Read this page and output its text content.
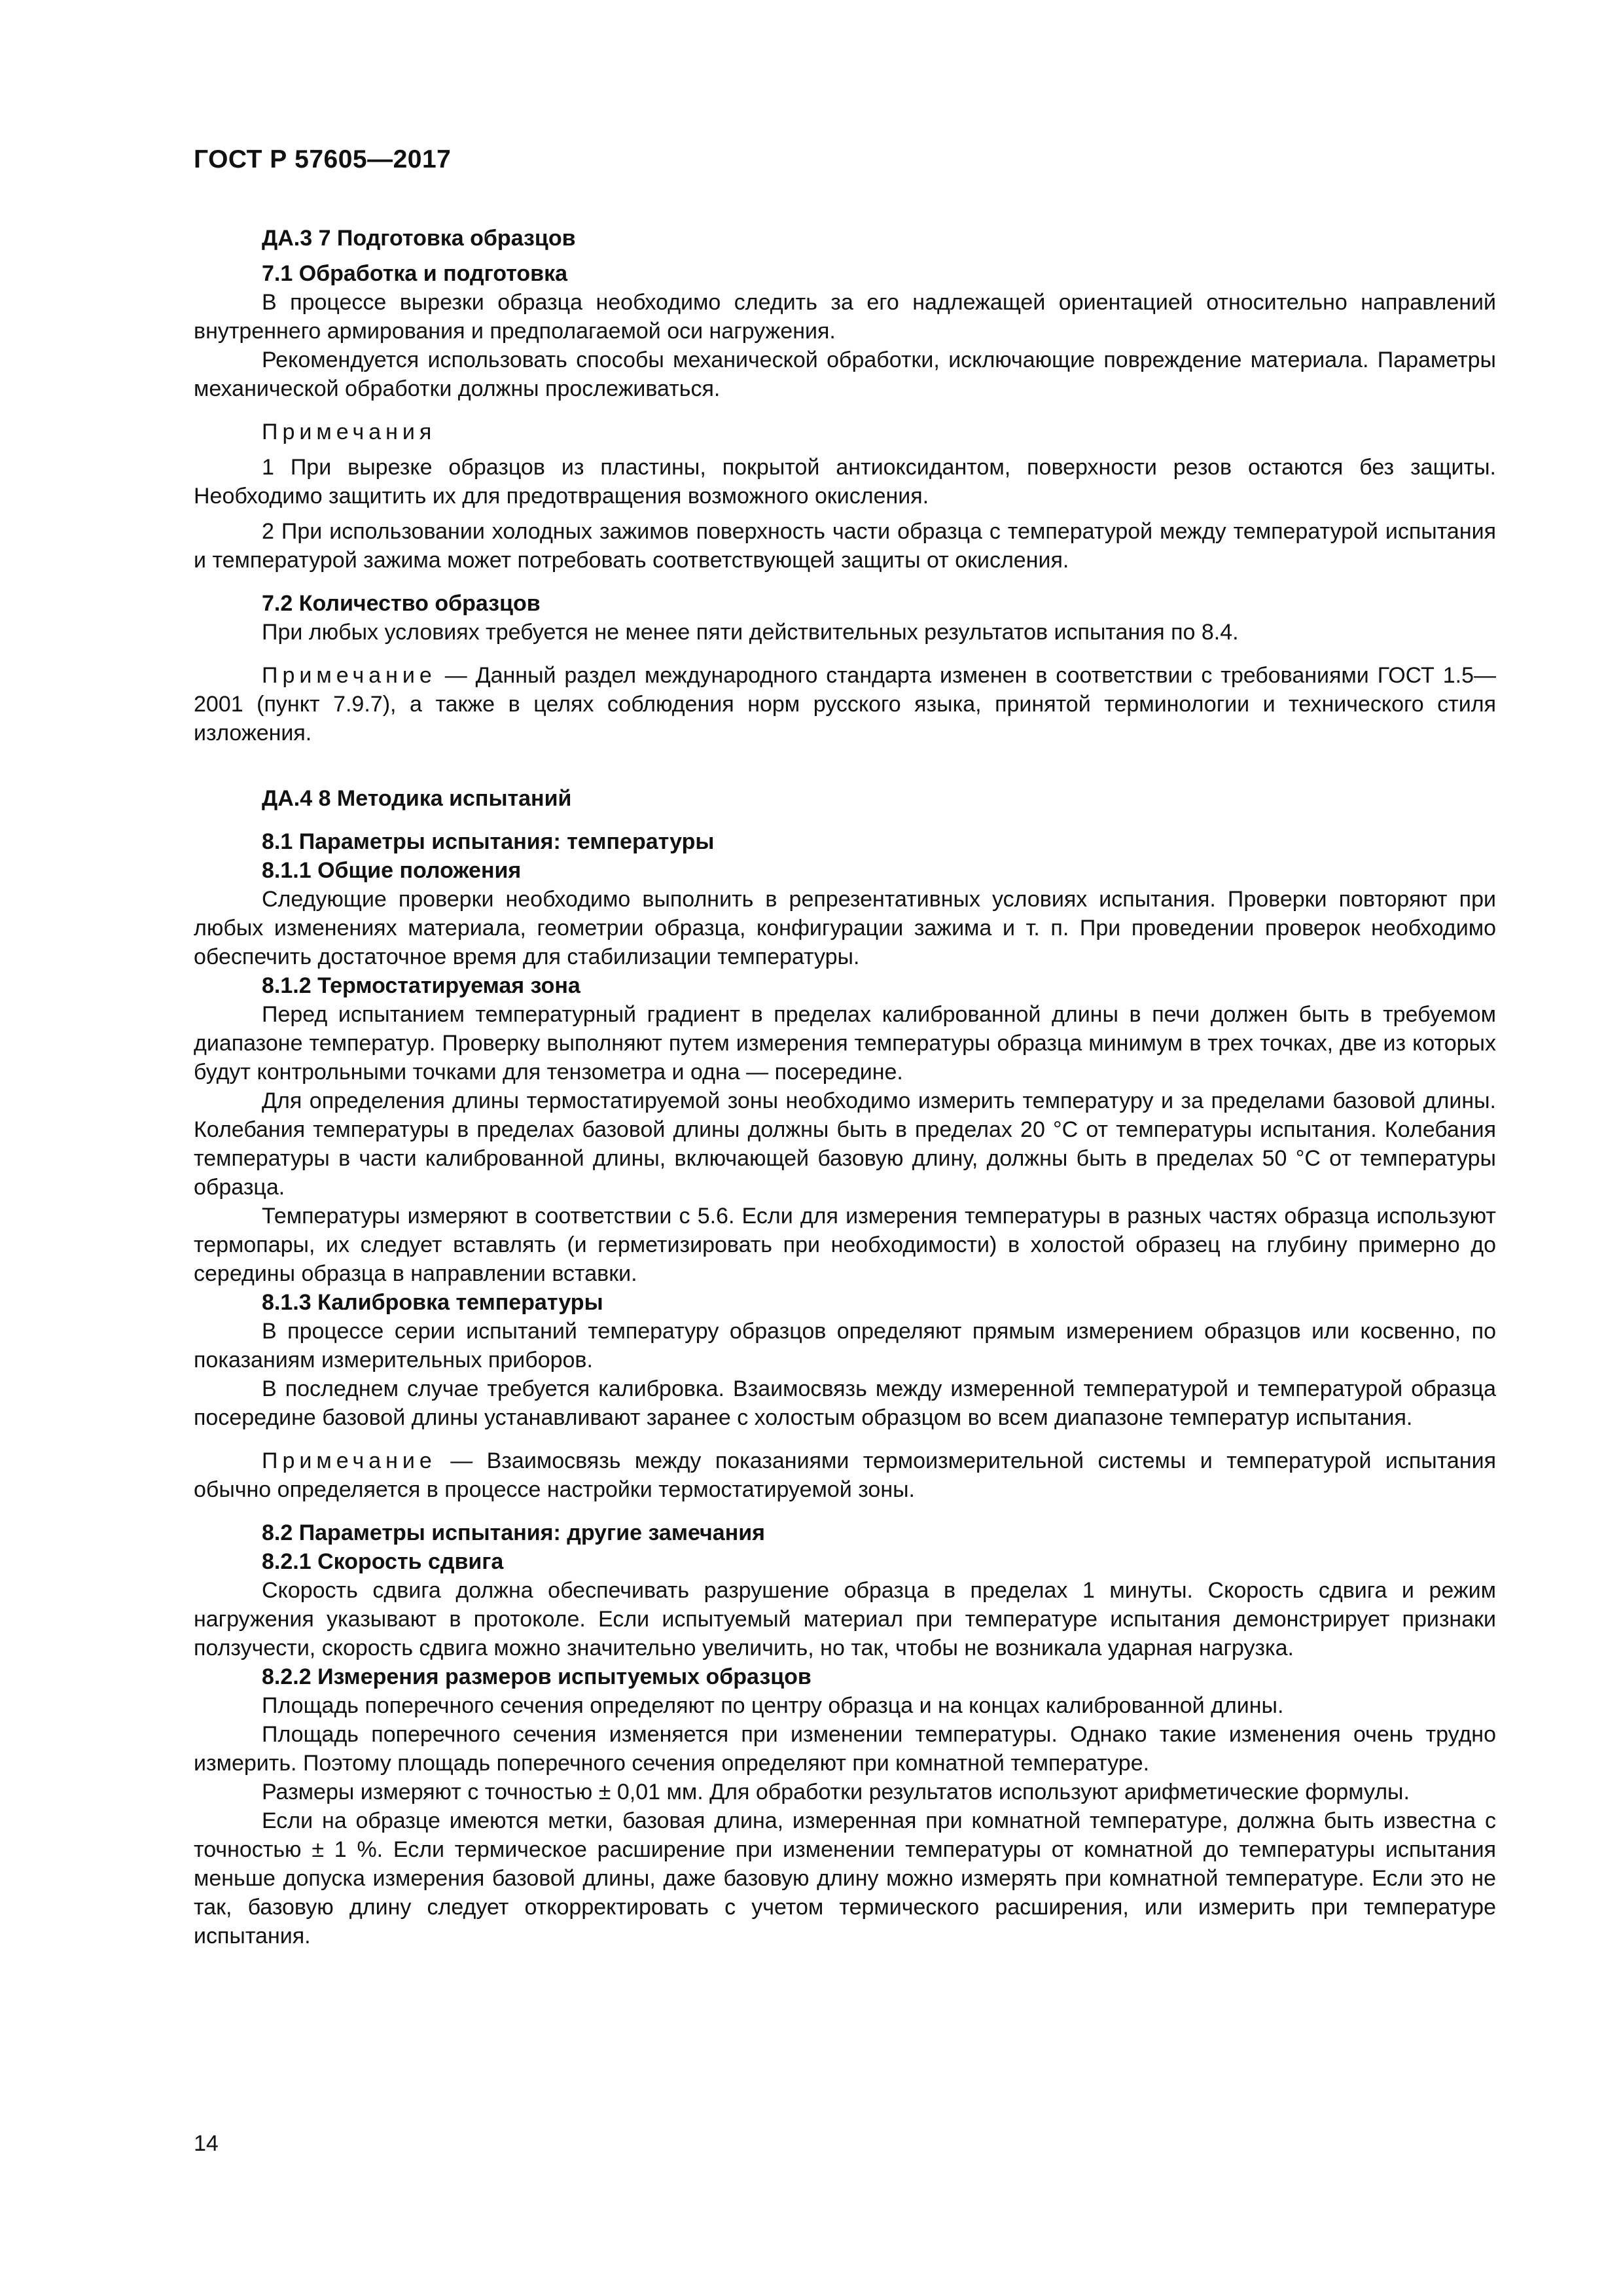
ГОСТ Р 57605—2017

ДА.3 7 Подготовка образцов

7.1 Обработка и подготовка

В процессе вырезки образца необходимо следить за его надлежащей ориентацией относительно направлений внутреннего армирования и предполагаемой оси нагружения.

Рекомендуется использовать способы механической обработки, исключающие повреждение материала. Параметры механической обработки должны прослеживаться.

Примечания

1 При вырезке образцов из пластины, покрытой антиоксидантом, поверхности резов остаются без защиты. Необходимо защитить их для предотвращения возможного окисления.

2 При использовании холодных зажимов поверхность части образца с температурой между температурой испытания и температурой зажима может потребовать соответствующей защиты от окисления.

7.2 Количество образцов

При любых условиях требуется не менее пяти действительных результатов испытания по 8.4.

Примечание — Данный раздел международного стандарта изменен в соответствии с требованиями ГОСТ 1.5—2001 (пункт 7.9.7), а также в целях соблюдения норм русского языка, принятой терминологии и технического стиля изложения.

ДА.4 8 Методика испытаний

8.1 Параметры испытания: температуры

8.1.1 Общие положения

Следующие проверки необходимо выполнить в репрезентативных условиях испытания. Проверки повторяют при любых изменениях материала, геометрии образца, конфигурации зажима и т. п. При проведении проверок необходимо обеспечить достаточное время для стабилизации температуры.

8.1.2 Термостатируемая зона

Перед испытанием температурный градиент в пределах калиброванной длины в печи должен быть в требуемом диапазоне температур. Проверку выполняют путем измерения температуры образца минимум в трех точках, две из которых будут контрольными точками для тензометра и одна — посередине.

Для определения длины термостатируемой зоны необходимо измерить температуру и за пределами базовой длины. Колебания температуры в пределах базовой длины должны быть в пределах 20 °С от температуры испытания. Колебания температуры в части калиброванной длины, включающей базовую длину, должны быть в пределах 50 °С от температуры образца.

Температуры измеряют в соответствии с 5.6. Если для измерения температуры в разных частях образца используют термопары, их следует вставлять (и герметизировать при необходимости) в холостой образец на глубину примерно до середины образца в направлении вставки.

8.1.3 Калибровка температуры

В процессе серии испытаний температуру образцов определяют прямым измерением образцов или косвенно, по показаниям измерительных приборов.

В последнем случае требуется калибровка. Взаимосвязь между измеренной температурой и температурой образца посередине базовой длины устанавливают заранее с холостым образцом во всем диапазоне температур испытания.

Примечание — Взаимосвязь между показаниями термоизмерительной системы и температурой испытания обычно определяется в процессе настройки термостатируемой зоны.

8.2 Параметры испытания: другие замечания

8.2.1 Скорость сдвига

Скорость сдвига должна обеспечивать разрушение образца в пределах 1 минуты. Скорость сдвига и режим нагружения указывают в протоколе. Если испытуемый материал при температуре испытания демонстрирует признаки ползучести, скорость сдвига можно значительно увеличить, но так, чтобы не возникала ударная нагрузка.

8.2.2 Измерения размеров испытуемых образцов

Площадь поперечного сечения определяют по центру образца и на концах калиброванной длины.

Площадь поперечного сечения изменяется при изменении температуры. Однако такие изменения очень трудно измерить. Поэтому площадь поперечного сечения определяют при комнатной температуре.

Размеры измеряют с точностью ± 0,01 мм. Для обработки результатов используют арифметические формулы.

Если на образце имеются метки, базовая длина, измеренная при комнатной температуре, должна быть известна с точностью ± 1 %. Если термическое расширение при изменении температуры от комнатной до температуры испытания меньше допуска измерения базовой длины, даже базовую длину можно измерять при комнатной температуре. Если это не так, базовую длину следует откорректировать с учетом термического расширения, или измерить при температуре испытания.

14
